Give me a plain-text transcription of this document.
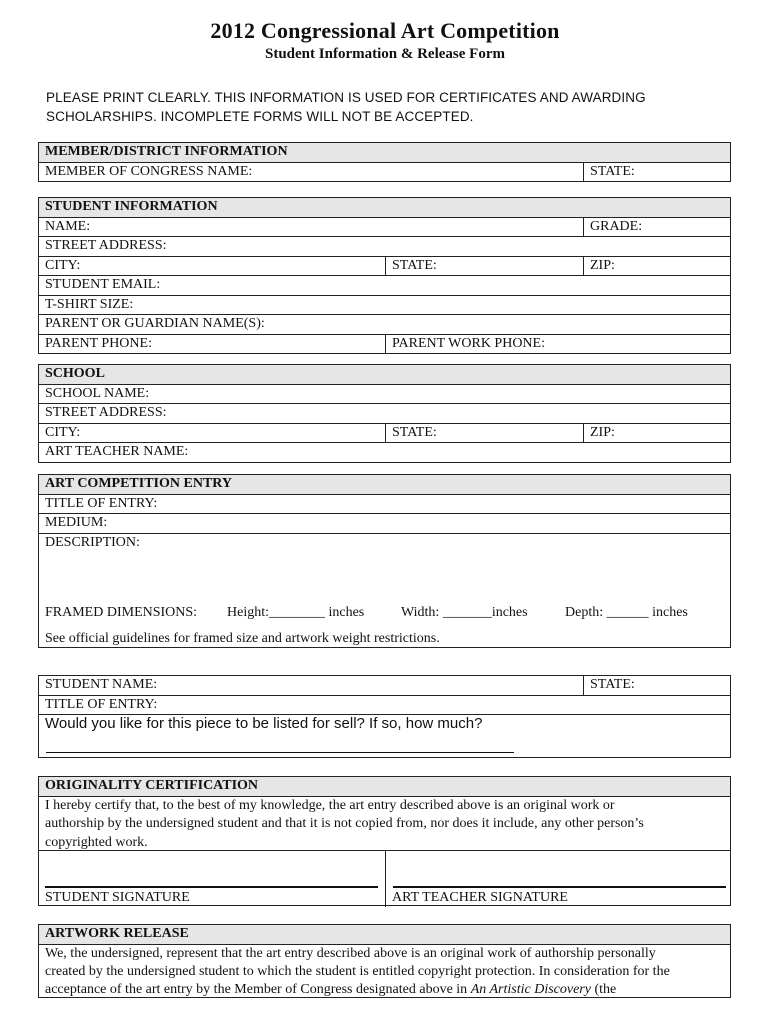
2012 Congressional Art Competition
Student Information & Release Form
PLEASE PRINT CLEARLY. THIS INFORMATION IS USED FOR CERTIFICATES AND AWARDING
SCHOLARSHIPS. INCOMPLETE FORMS WILL NOT BE ACCEPTED.
MEMBER/DISTRICT INFORMATION
MEMBER OF CONGRESS NAME:	STATE:
STUDENT INFORMATION
NAME:	GRADE:
STREET ADDRESS:
CITY:	STATE:	ZIP:
STUDENT EMAIL:
T-SHIRT SIZE:
PARENT OR GUARDIAN NAME(S):
PARENT PHONE:	PARENT WORK PHONE:
SCHOOL
SCHOOL NAME:
STREET ADDRESS:
CITY:	STATE:	ZIP:
ART TEACHER NAME:
ART COMPETITION ENTRY
TITLE OF ENTRY:
MEDIUM:
DESCRIPTION:
FRAMED DIMENSIONS: Height:________ inches	Width: _______inches	Depth: ______ inches
See official guidelines for framed size and artwork weight restrictions.
STUDENT NAME:	STATE:
TITLE OF ENTRY:
Would you like for this piece to be listed for sell? If so, how much?
ORIGINALITY CERTIFICATION
I hereby certify that, to the best of my knowledge, the art entry described above is an original work or
authorship by the undersigned student and that it is not copied from, nor does it include, any other person’s
copyrighted work.
STUDENT SIGNATURE	ART TEACHER SIGNATURE
ARTWORK RELEASE
We, the undersigned, represent that the art entry described above is an original work of authorship personally
created by the undersigned student to which the student is entitled copyright protection. In consideration for the
acceptance of the art entry by the Member of Congress designated above in An Artistic Discovery (the
